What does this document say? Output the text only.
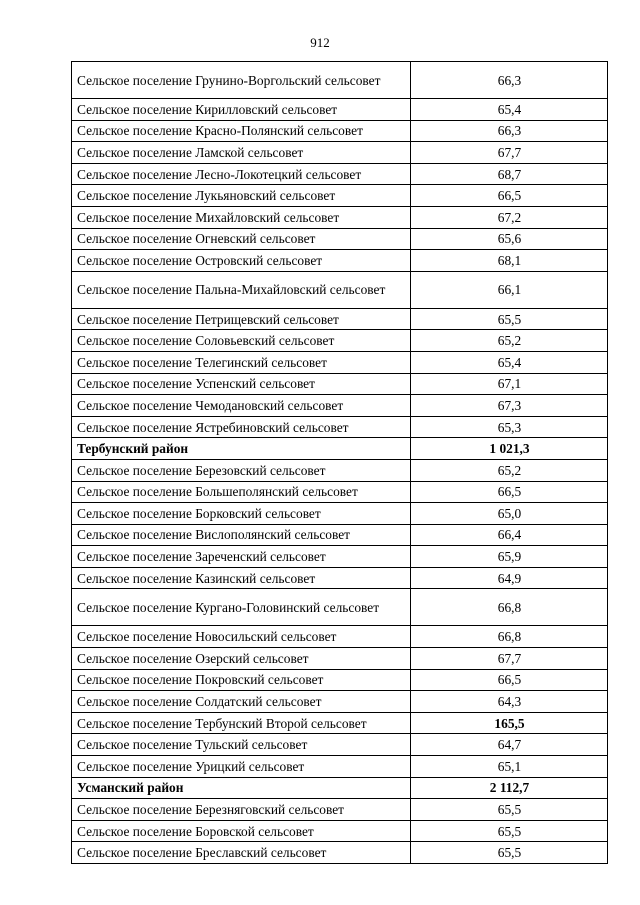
912
Сельское поселение Грунино-Воргольский сельсовет	66,3
Сельское поселение Кирилловский сельсовет	65,4
Сельское поселение Красно-Полянский сельсовет	66,3
Сельское поселение Ламской сельсовет	67,7
Сельское поселение Лесно-Локотецкий сельсовет	68,7
Сельское поселение Лукьяновский сельсовет	66,5
Сельское поселение Михайловский сельсовет	67,2
Сельское поселение Огневский сельсовет	65,6
Сельское поселение Островский сельсовет	68,1
Сельское поселение Пальна-Михайловский сельсовет	66,1
Сельское поселение Петрищевский сельсовет	65,5
Сельское поселение Соловьевский сельсовет	65,2
Сельское поселение Телегинский сельсовет	65,4
Сельское поселение Успенский сельсовет	67,1
Сельское поселение Чемодановский сельсовет	67,3
Сельское поселение Ястребиновский сельсовет	65,3
Тербунский район	1 021,3
Сельское поселение Березовский сельсовет	65,2
Сельское поселение Большеполянский сельсовет	66,5
Сельское поселение Борковский сельсовет	65,0
Сельское поселение Вислополянский сельсовет	66,4
Сельское поселение Зареченский сельсовет	65,9
Сельское поселение Казинский сельсовет	64,9
Сельское поселение Кургано-Головинский сельсовет	66,8
Сельское поселение Новосильский сельсовет	66,8
Сельское поселение Озерский сельсовет	67,7
Сельское поселение Покровский сельсовет	66,5
Сельское поселение Солдатский сельсовет	64,3
Сельское поселение Тербунский Второй сельсовет	165,5
Сельское поселение Тульский сельсовет	64,7
Сельское поселение Урицкий сельсовет	65,1
Усманский район	2 112,7
Сельское поселение Березняговский сельсовет	65,5
Сельское поселение Боровской сельсовет	65,5
Сельское поселение Бреславский сельсовет	65,5
